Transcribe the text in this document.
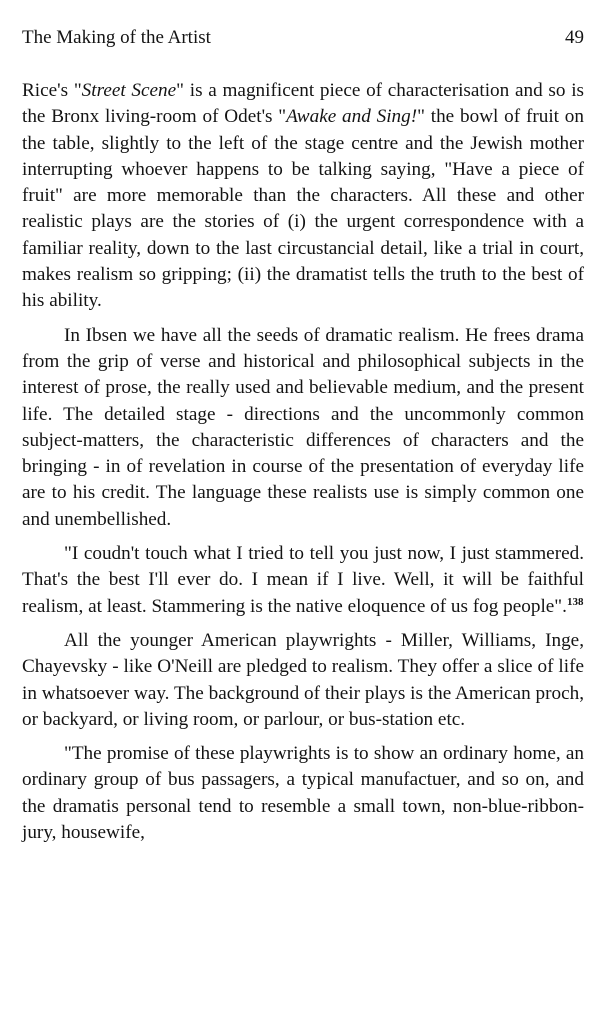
The Making of the Artist	49

Rice's "Street Scene" is a magnificent piece of characterisation and so is the Bronx living-room of Odet's "Awake and Sing!" the bowl of fruit on the table, slightly to the left of the stage centre and the Jewish mother interrupting whoever happens to be talking saying, "Have a piece of fruit" are more memorable than the characters. All these and other realistic plays are the stories of (i) the urgent correspondence with a familiar reality, down to the last circustancial detail, like a trial in court, makes realism so gripping; (ii) the dramatist tells the truth to the best of his ability.

In Ibsen we have all the seeds of dramatic realism. He frees drama from the grip of verse and historical and philosophical subjects in the interest of prose, the really used and believable medium, and the present life. The detailed stage - directions and the uncommonly common subject-matters, the characteristic differences of characters and the bringing - in of revelation in course of the presentation of everyday life are to his credit. The language these realists use is simply common one and unembellished.

"I coudn't touch what I tried to tell you just now, I just stammered. That's the best I'll ever do. I mean if I live. Well, it will be faithful realism, at least. Stammering is the native eloquence of us fog people".$^{138}$

All the younger American playwrights - Miller, Williams, Inge, Chayevsky - like O'Neill are pledged to realism. They offer a slice of life in whatsoever way. The background of their plays is the American proch, or backyard, or living room, or parlour, or bus-station etc.

"The promise of these playwrights is to show an ordinary home, an ordinary group of bus passagers, a typical manufactuer, and so on, and the dramatis personal tend to resemble a small town, non-blue-ribbon-jury, housewife,
